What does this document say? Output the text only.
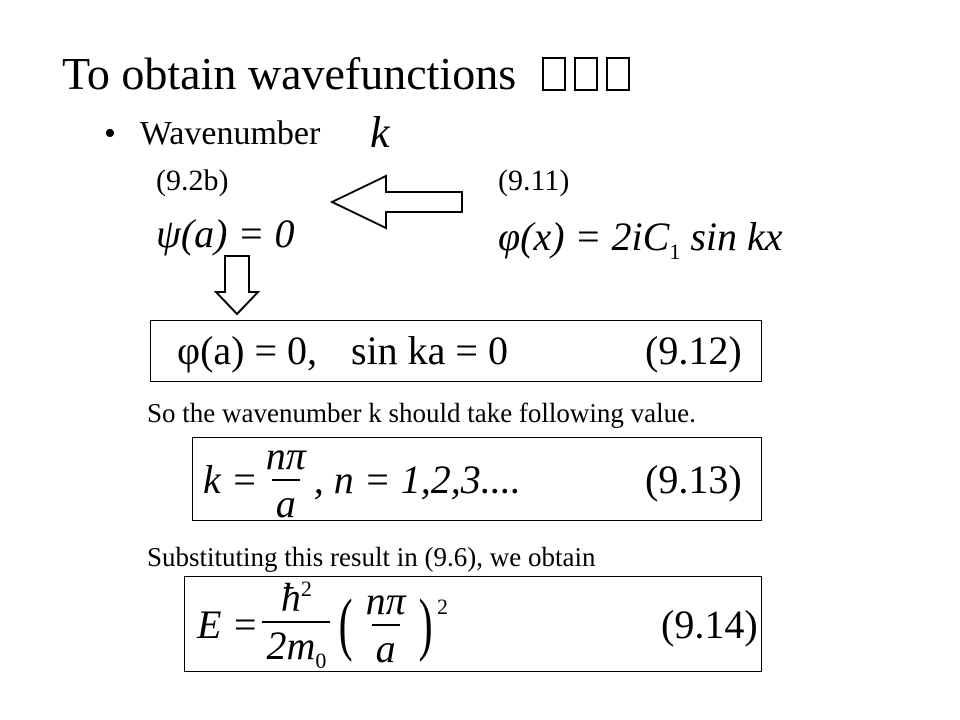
To obtain wavefunctions
• Wavenumber k
(9.2b)
ψ(a) = 0
(9.11)
$\varphi(x) = 2iC_1$ sin kx
φ(a) = 0, sin ka = 0	(9.12)
So the wavenumber k should take following value.
$k = \frac{n\pi}{a}$ , n = 1,2,3....	(9.13)
Substituting this result in (9.6), we obtain
$E = \frac{ħ^2}{2m_0}$ ( $\frac{n\pi}{a} )^2$	(9.14)
